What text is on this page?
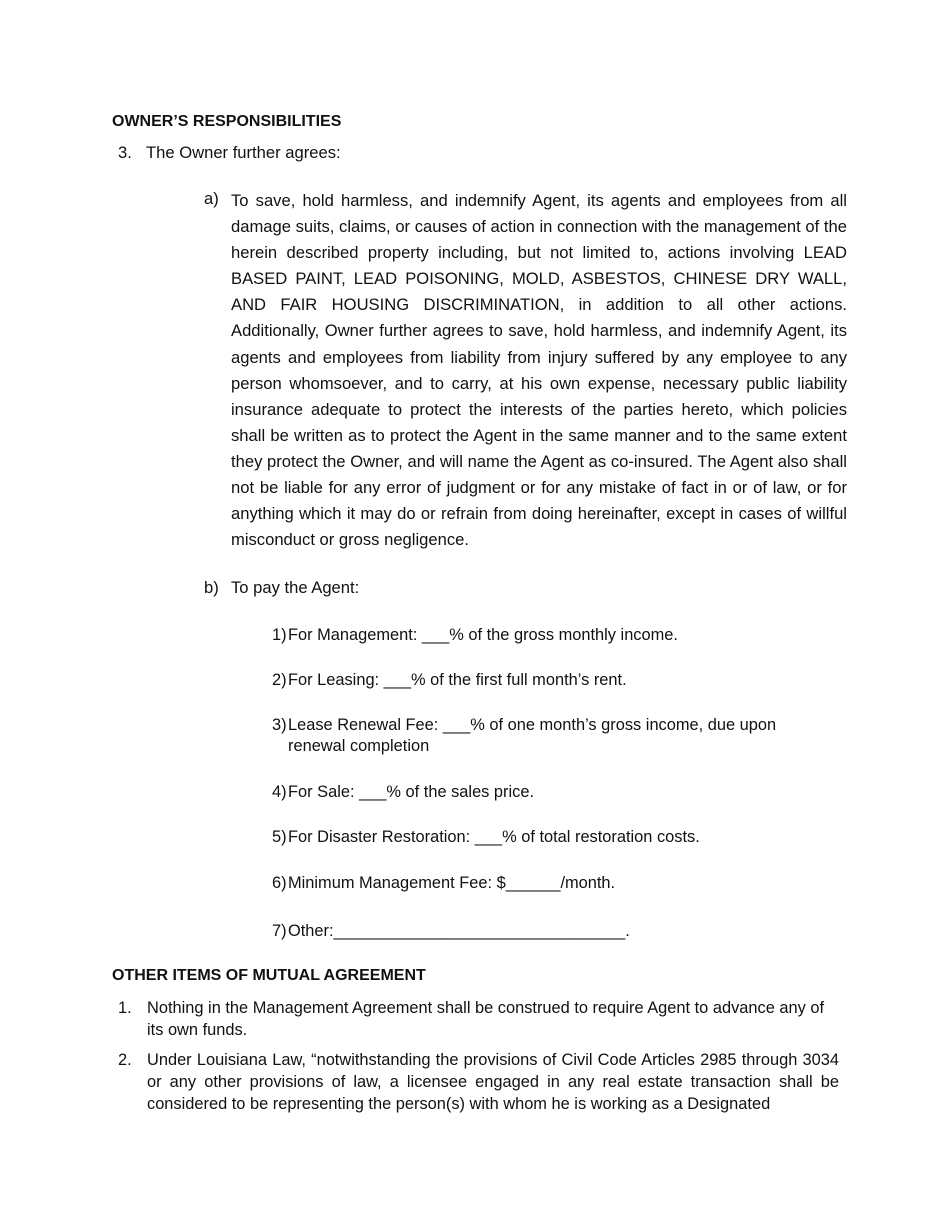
OWNER’S RESPONSIBILITIES
3. The Owner further agrees:
a) To save, hold harmless, and indemnify Agent, its agents and employees from all damage suits, claims, or causes of action in connection with the management of the herein described property including, but not limited to, actions involving LEAD BASED PAINT, LEAD POISONING, MOLD, ASBESTOS, CHINESE DRY WALL, AND FAIR HOUSING DISCRIMINATION, in addition to all other actions. Additionally, Owner further agrees to save, hold harmless, and indemnify Agent, its agents and employees from liability from injury suffered by any employee to any person whomsoever, and to carry, at his own expense, necessary public liability insurance adequate to protect the interests of the parties hereto, which policies shall be written as to protect the Agent in the same manner and to the same extent they protect the Owner, and will name the Agent as co-insured. The Agent also shall not be liable for any error of judgment or for any mistake of fact in or of law, or for anything which it may do or refrain from doing hereinafter, except in cases of willful misconduct or gross negligence.
b) To pay the Agent:
1) For Management: ___% of the gross monthly income.
2) For Leasing: ___% of the first full month’s rent.
3) Lease Renewal Fee: ___% of one month’s gross income, due upon
renewal completion
4) For Sale: ___% of the sales price.
5) For Disaster Restoration: ___% of total restoration costs.
6) Minimum Management Fee: $______/month.
7) Other:________________________________.
OTHER ITEMS OF MUTUAL AGREEMENT
1. Nothing in the Management Agreement shall be construed to require Agent to advance any of its own funds.
2. Under Louisiana Law, “notwithstanding the provisions of Civil Code Articles 2985 through 3034 or any other provisions of law, a licensee engaged in any real estate transaction shall be considered to be representing the person(s) with whom he is working as a Designated
